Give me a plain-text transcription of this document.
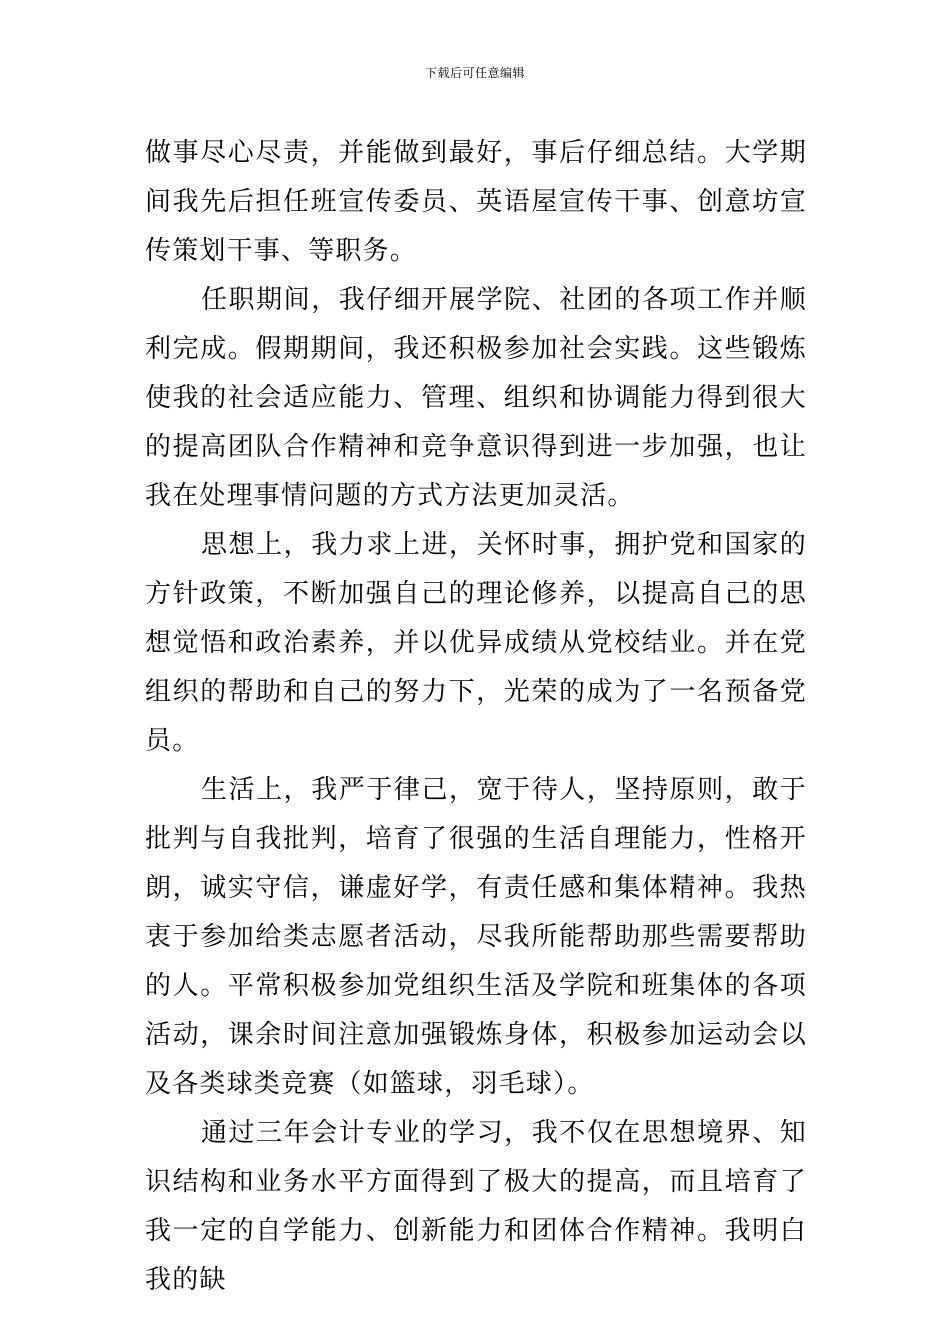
下载后可任意编辑

做事尽心尽责，并能做到最好，事后仔细总结。大学期间我先后担任班宣传委员、英语屋宣传干事、创意坊宣传策划干事、等职务。

任职期间，我仔细开展学院、社团的各项工作并顺利完成。假期期间，我还积极参加社会实践。这些锻炼使我的社会适应能力、管理、组织和协调能力得到很大的提高团队合作精神和竞争意识得到进一步加强，也让我在处理事情问题的方式方法更加灵活。

思想上，我力求上进，关怀时事，拥护党和国家的方针政策，不断加强自己的理论修养，以提高自己的思想觉悟和政治素养，并以优异成绩从党校结业。并在党组织的帮助和自己的努力下，光荣的成为了一名预备党员。

生活上，我严于律己，宽于待人，坚持原则，敢于批判与自我批判，培育了很强的生活自理能力，性格开朗，诚实守信，谦虚好学，有责任感和集体精神。我热衷于参加给类志愿者活动，尽我所能帮助那些需要帮助的人。平常积极参加党组织生活及学院和班集体的各项活动，课余时间注意加强锻炼身体，积极参加运动会以及各类球类竞赛（如篮球，羽毛球）。

通过三年会计专业的学习，我不仅在思想境界、知识结构和业务水平方面得到了极大的提高，而且培育了我一定的自学能力、创新能力和团体合作精神。我明白我的缺
